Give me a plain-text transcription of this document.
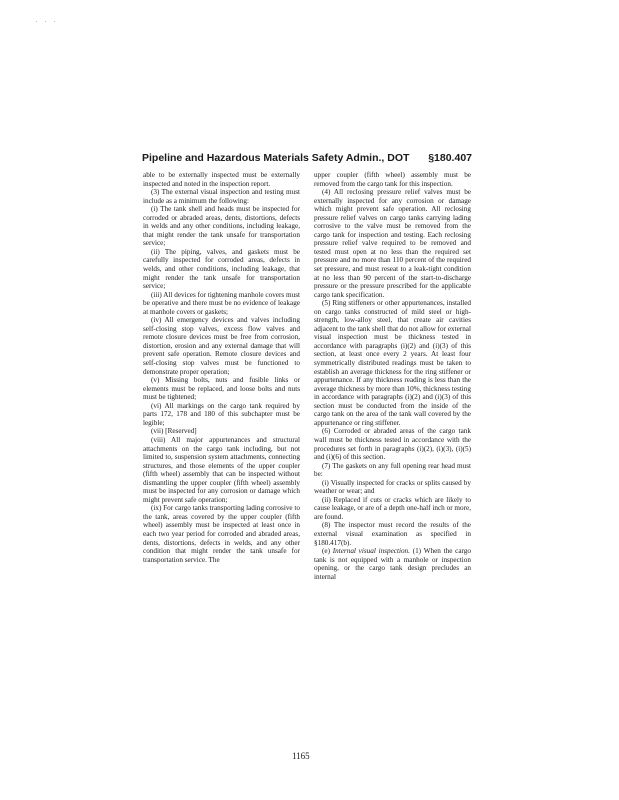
. . .
Pipeline and Hazardous Materials Safety Admin., DOT §180.407

able to be externally inspected must be externally inspected and noted in the inspection report.

(3) The external visual inspection and testing must include as a minimum the following:

(i) The tank shell and heads must be inspected for corroded or abraded areas, dents, distortions, defects in welds and any other conditions, including leakage, that might render the tank unsafe for transportation service;

(ii) The piping, valves, and gaskets must be carefully inspected for corroded areas, defects in welds, and other conditions, including leakage, that might render the tank unsafe for transportation service;

(iii) All devices for tightening manhole covers must be operative and there must be no evidence of leakage at manhole covers or gaskets;

(iv) All emergency devices and valves including self-closing stop valves, excess flow valves and remote closure devices must be free from corrosion, distortion, erosion and any external damage that will prevent safe operation. Remote closure devices and self-closing stop valves must be functioned to demonstrate proper operation;

(v) Missing bolts, nuts and fusible links or elements must be replaced, and loose bolts and nuts must be tightened;

(vi) All markings on the cargo tank required by parts 172, 178 and 180 of this subchapter must be legible;

(vii) [Reserved]

(viii) All major appurtenances and structural attachments on the cargo tank including, but not limited to, suspension system attachments, connecting structures, and those elements of the upper coupler (fifth wheel) assembly that can be inspected without dismantling the upper coupler (fifth wheel) assembly must be inspected for any corrosion or damage which might prevent safe operation;

(ix) For cargo tanks transporting lading corrosive to the tank, areas covered by the upper coupler (fifth wheel) assembly must be inspected at least once in each two year period for corroded and abraded areas, dents, distortions, defects in welds, and any other condition that might render the tank unsafe for transportation service. The

upper coupler (fifth wheel) assembly must be removed from the cargo tank for this inspection.

(4) All reclosing pressure relief valves must be externally inspected for any corrosion or damage which might prevent safe operation. All reclosing pressure relief valves on cargo tanks carrying lading corrosive to the valve must be removed from the cargo tank for inspection and testing. Each reclosing pressure relief valve required to be removed and tested must open at no less than the required set pressure and no more than 110 percent of the required set pressure, and must reseat to a leak-tight condition at no less than 90 percent of the start-to-discharge pressure or the pressure prescribed for the applicable cargo tank specification.

(5) Ring stiffeners or other appurtenances, installed on cargo tanks constructed of mild steel or high-strength, low-alloy steel, that create air cavities adjacent to the tank shell that do not allow for external visual inspection must be thickness tested in accordance with paragraphs (i)(2) and (i)(3) of this section, at least once every 2 years. At least four symmetrically distributed readings must be taken to establish an average thickness for the ring stiffener or appurtenance. If any thickness reading is less than the average thickness by more than 10%, thickness testing in accordance with paragraphs (i)(2) and (i)(3) of this section must be conducted from the inside of the cargo tank on the area of the tank wall covered by the appurtenance or ring stiffener.

(6) Corroded or abraded areas of the cargo tank wall must be thickness tested in accordance with the procedures set forth in paragraphs (i)(2), (i)(3), (i)(5) and (i)(6) of this section.

(7) The gaskets on any full opening rear head must be:

(i) Visually inspected for cracks or splits caused by weather or wear; and

(ii) Replaced if cuts or cracks which are likely to cause leakage, or are of a depth one-half inch or more, are found.

(8) The inspector must record the results of the external visual examination as specified in §180.417(b).

(e) Internal visual inspection. (1) When the cargo tank is not equipped with a manhole or inspection opening, or the cargo tank design precludes an internal

1165
